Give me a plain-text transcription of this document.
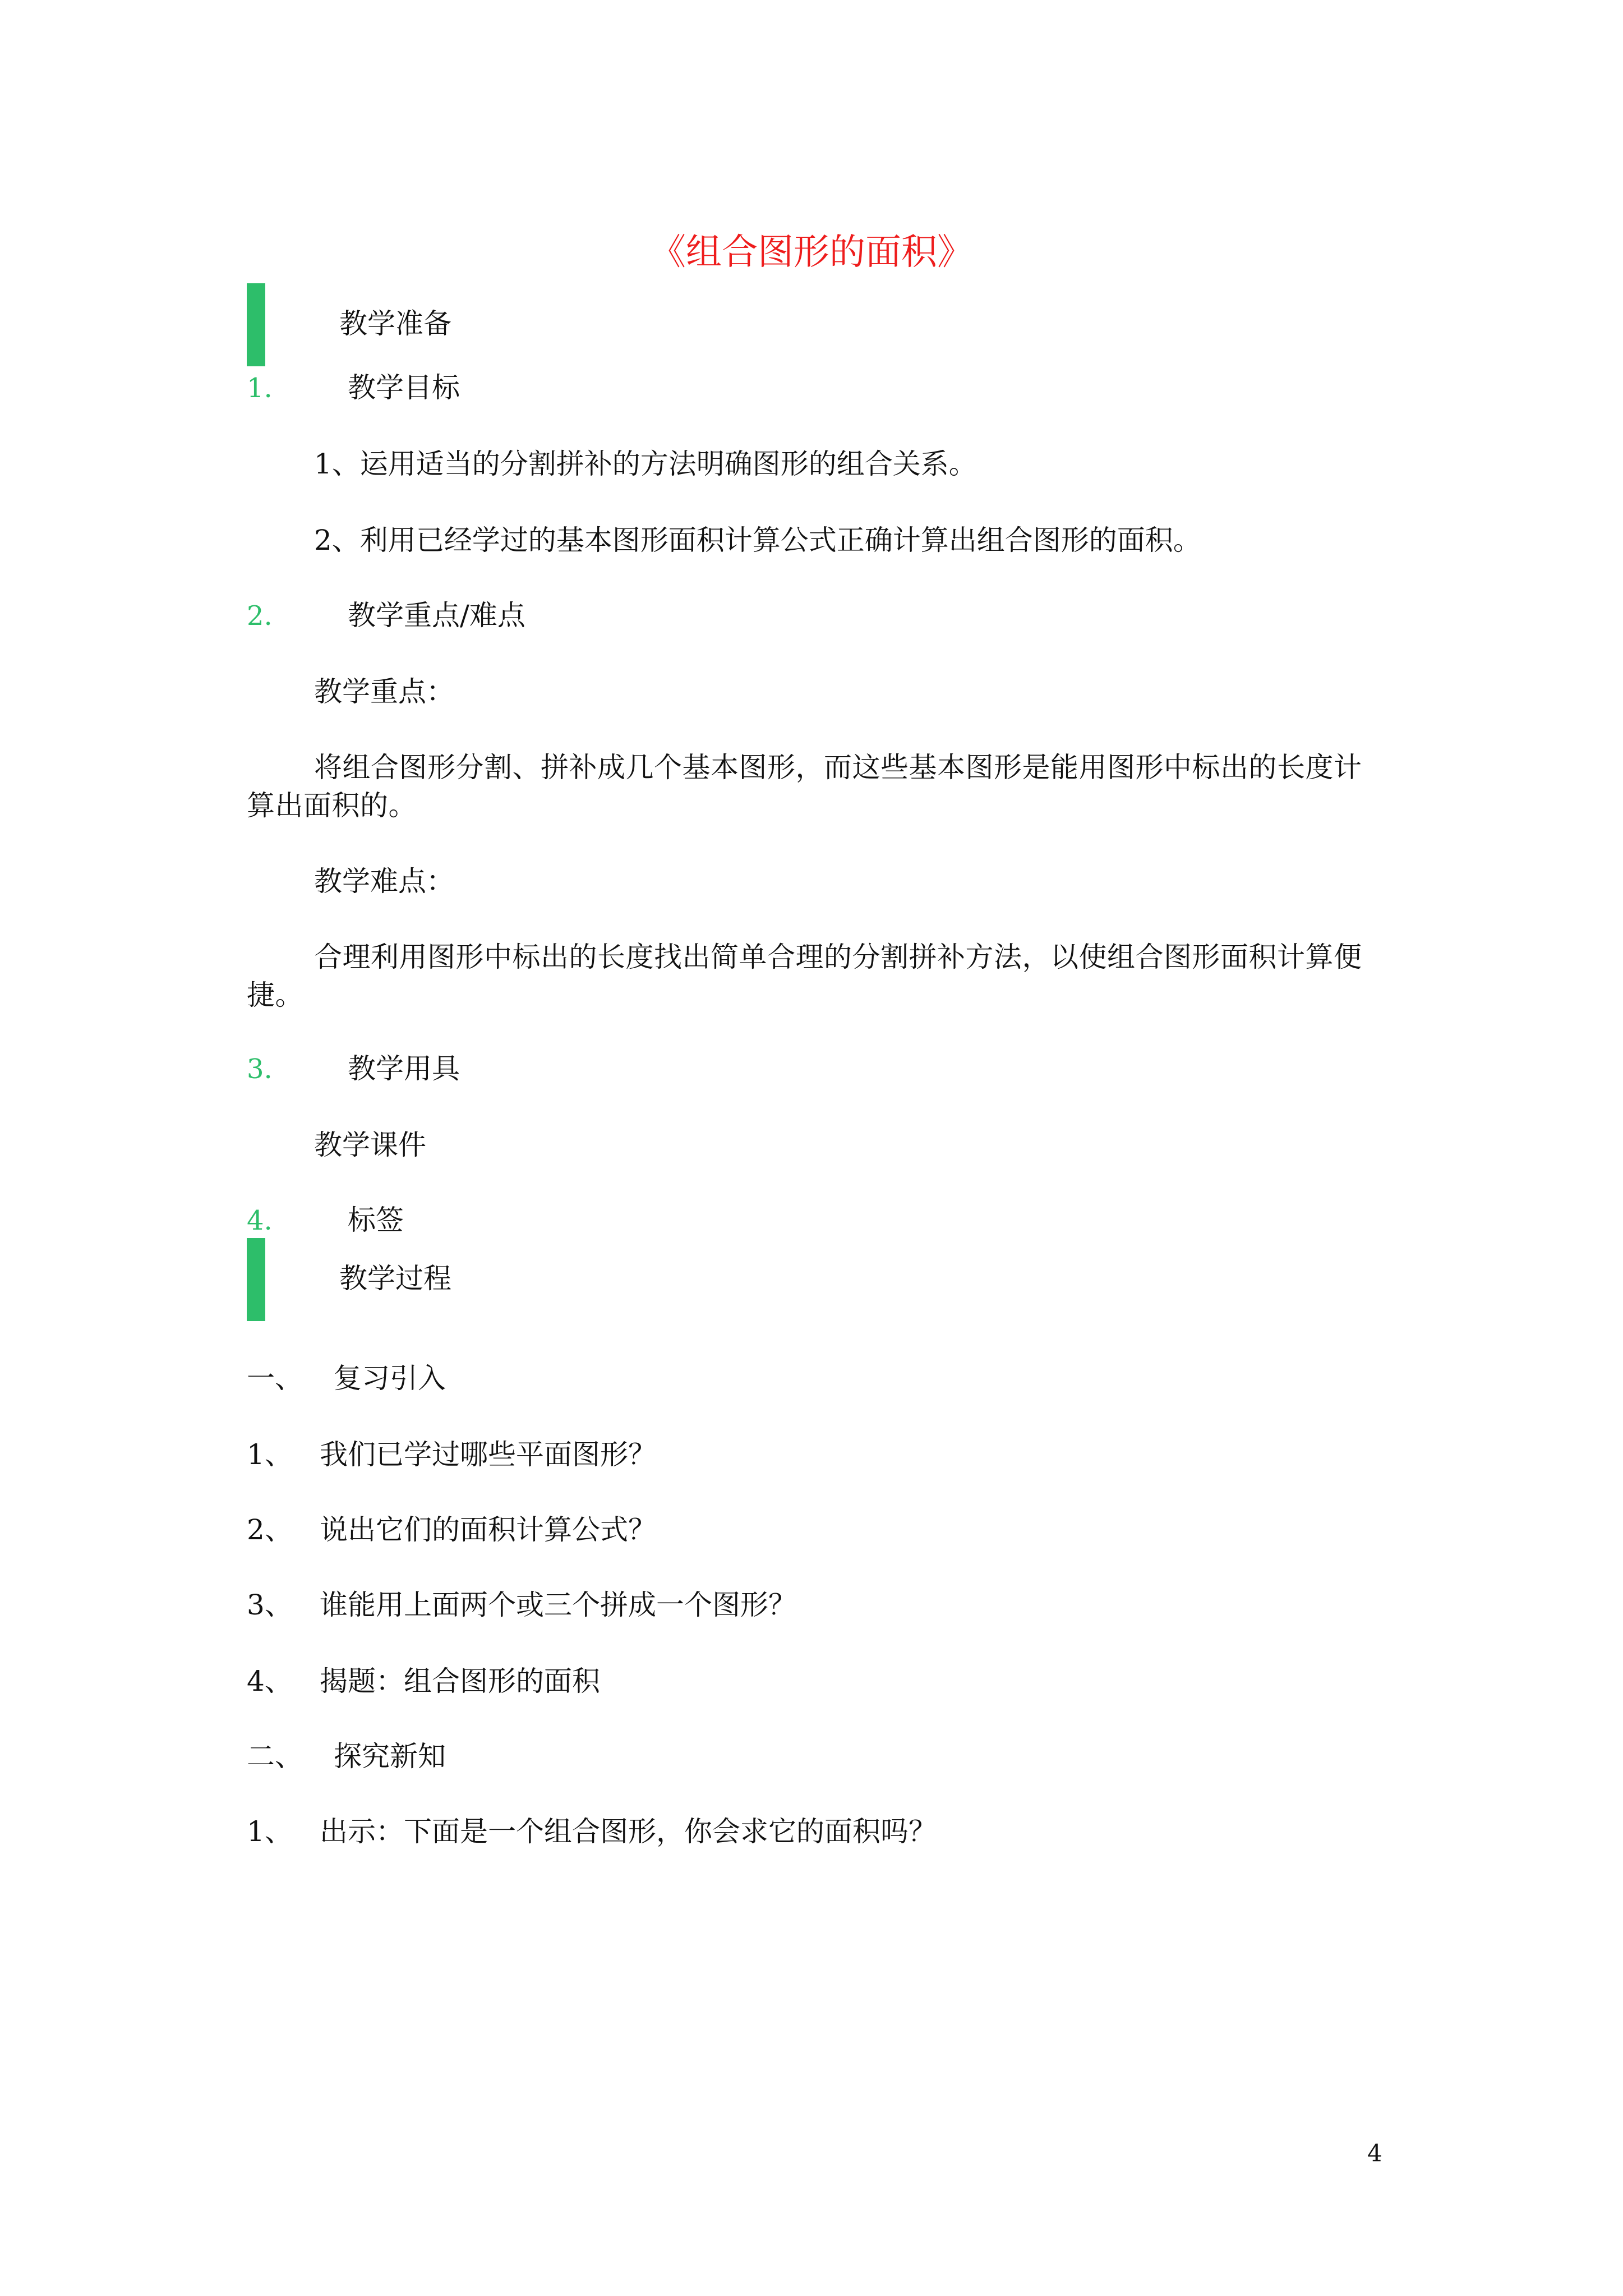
《组合图形的面积》
教学准备
1.	教学目标
1、运用适当的分割拼补的方法明确图形的组合关系。
2、利用已经学过的基本图形面积计算公式正确计算出组合图形的面积。
2.	教学重点/难点
教学重点：
将组合图形分割、拼补成几个基本图形，而这些基本图形是能用图形中标出的长度计算出面积的。
教学难点：
合理利用图形中标出的长度找出简单合理的分割拼补方法，以使组合图形面积计算便捷。
3.	教学用具
教学课件
4.	标签
教学过程
一、 复习引入
1、 我们已学过哪些平面图形？
2、 说出它们的面积计算公式？
3、 谁能用上面两个或三个拼成一个图形？
4、 揭题：组合图形的面积
二、 探究新知
1、 出示：下面是一个组合图形，你会求它的面积吗？
4
